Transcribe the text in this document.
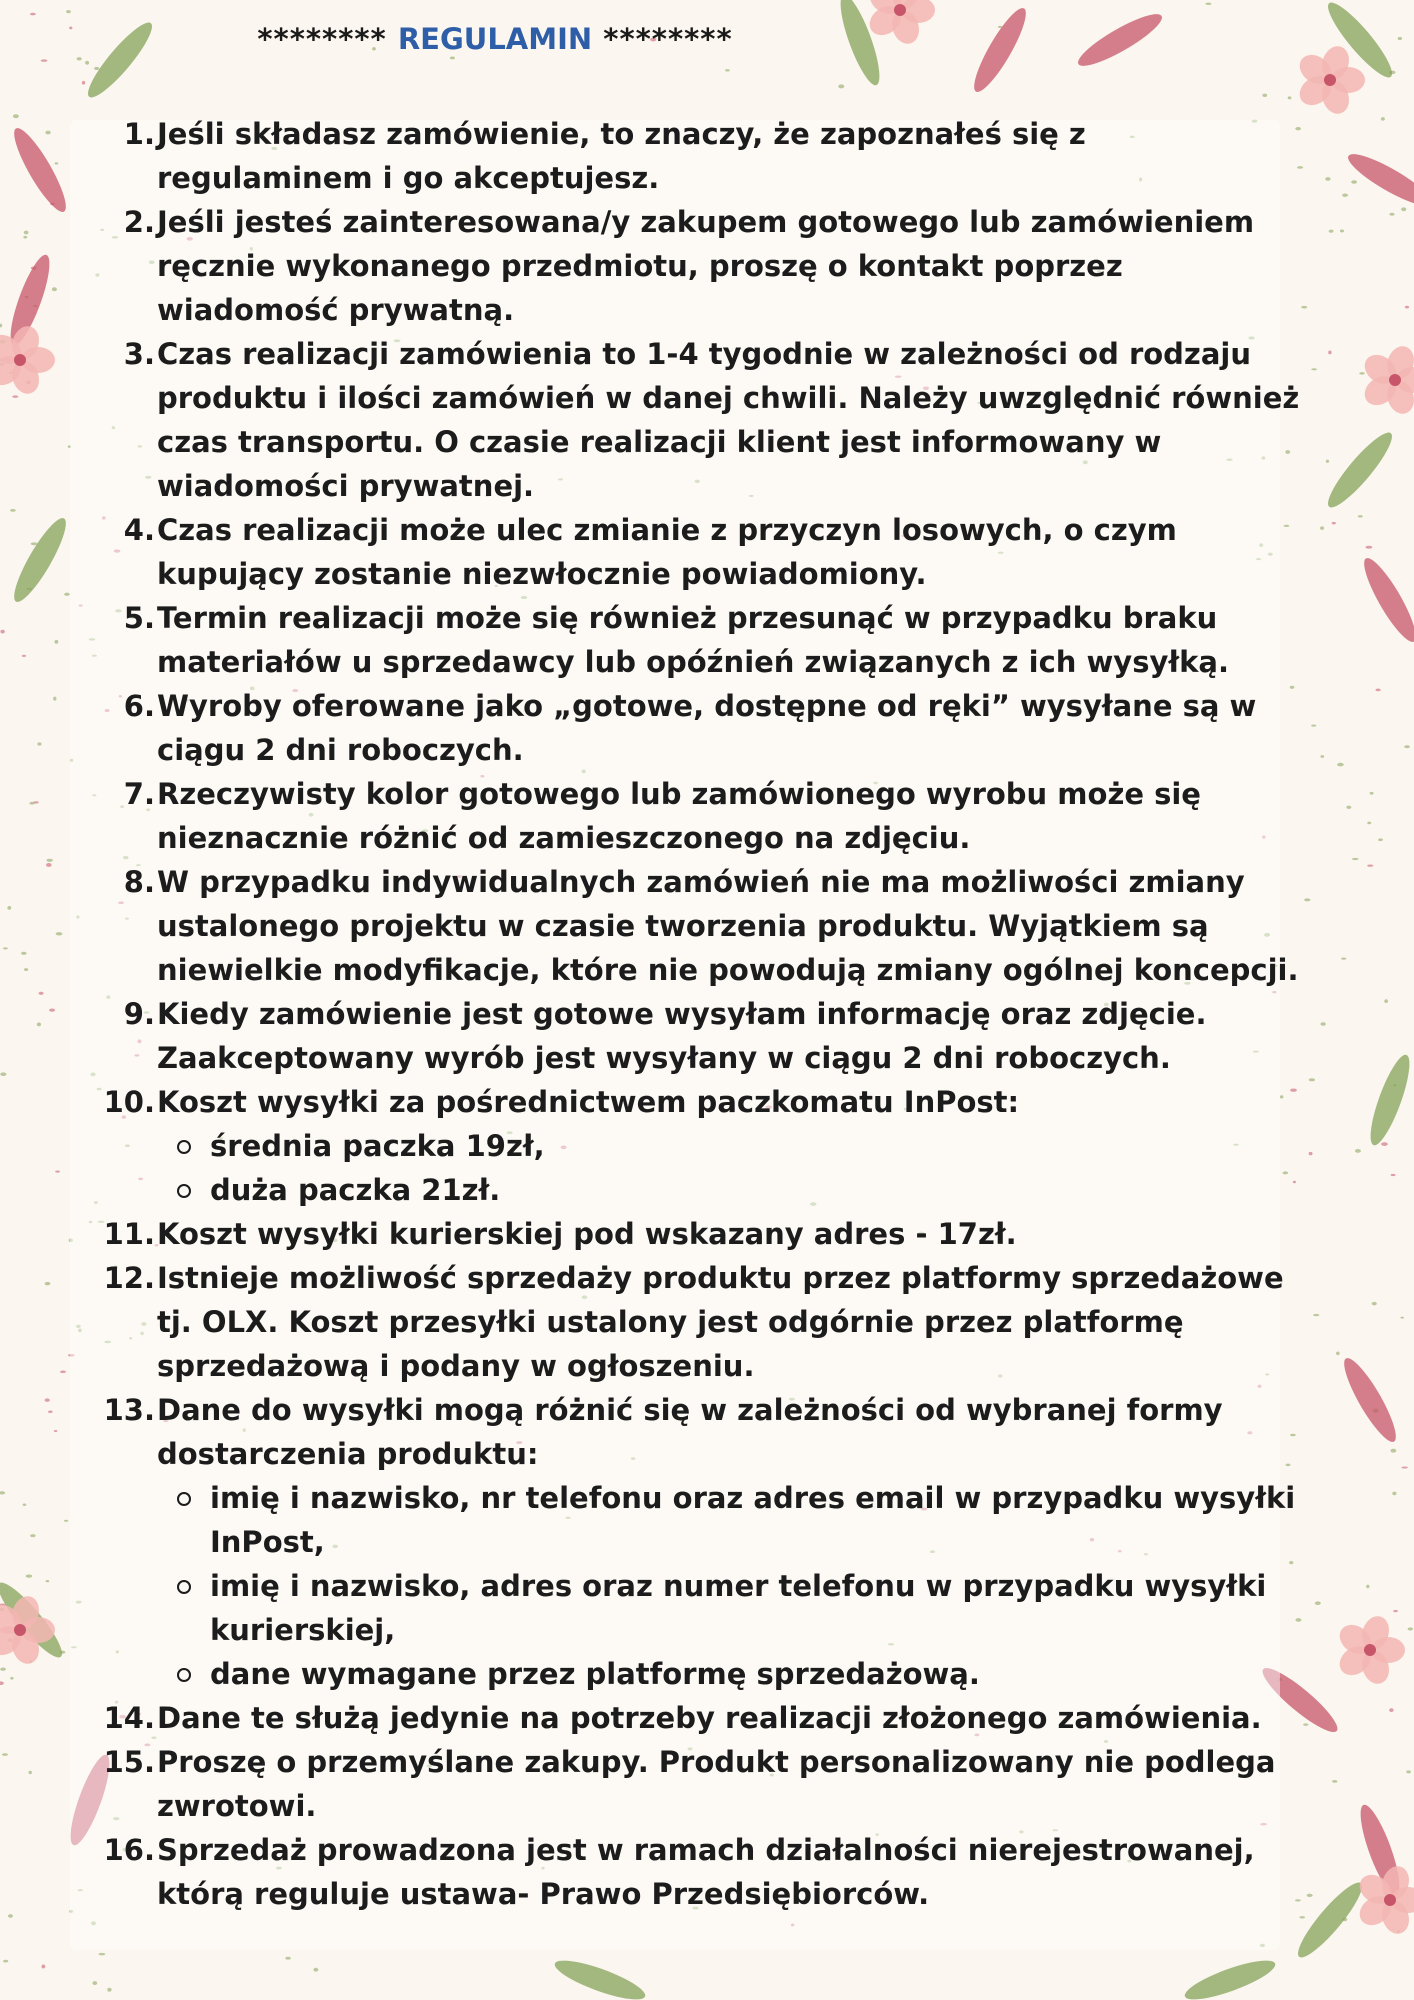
******** REGULAMIN ********
1. Jeśli składasz zamówienie, to znaczy, że zapoznałeś się z regulaminem i go akceptujesz.
2. Jeśli jesteś zainteresowana/y zakupem gotowego lub zamówieniem ręcznie wykonanego przedmiotu, proszę o kontakt poprzez wiadomość prywatną.
3. Czas realizacji zamówienia to 1-4 tygodnie w zależności od rodzaju produktu i ilości zamówień w danej chwili. Należy uwzględnić również czas transportu. O czasie realizacji klient jest informowany w wiadomości prywatnej.
4. Czas realizacji może ulec zmianie z przyczyn losowych, o czym kupujący zostanie niezwłocznie powiadomiony.
5. Termin realizacji może się również przesunąć w przypadku braku materiałów u sprzedawcy lub opóźnień związanych z ich wysyłką.
6. Wyroby oferowane jako „gotowe, dostępne od ręki” wysyłane są w ciągu 2 dni roboczych.
7. Rzeczywisty kolor gotowego lub zamówionego wyrobu może się nieznacznie różnić od zamieszczonego na zdjęciu.
8. W przypadku indywidualnych zamówień nie ma możliwości zmiany ustalonego projektu w czasie tworzenia produktu. Wyjątkiem są niewielkie modyfikacje, które nie powodują zmiany ogólnej koncepcji.
9. Kiedy zamówienie jest gotowe wysyłam informację oraz zdjęcie. Zaakceptowany wyrób jest wysyłany w ciągu 2 dni roboczych.
10. Koszt wysyłki za pośrednictwem paczkomatu InPost:
średnia paczka 19zł,
duża paczka 21zł.
11. Koszt wysyłki kurierskiej pod wskazany adres - 17zł.
12. Istnieje możliwość sprzedaży produktu przez platformy sprzedażowe tj. OLX. Koszt przesyłki ustalony jest odgórnie przez platformę sprzedażową i podany w ogłoszeniu.
13. Dane do wysyłki mogą różnić się w zależności od wybranej formy dostarczenia produktu:
imię i nazwisko, nr telefonu oraz adres email w przypadku wysyłki InPost,
imię i nazwisko, adres oraz numer telefonu w przypadku wysyłki kurierskiej,
dane wymagane przez platformę sprzedażową.
14. Dane te służą jedynie na potrzeby realizacji złożonego zamówienia.
15. Proszę o przemyślane zakupy. Produkt personalizowany nie podlega zwrotowi.
16. Sprzedaż prowadzona jest w ramach działalności nierejestrowanej, którą reguluje ustawa- Prawo Przedsiębiorców.
